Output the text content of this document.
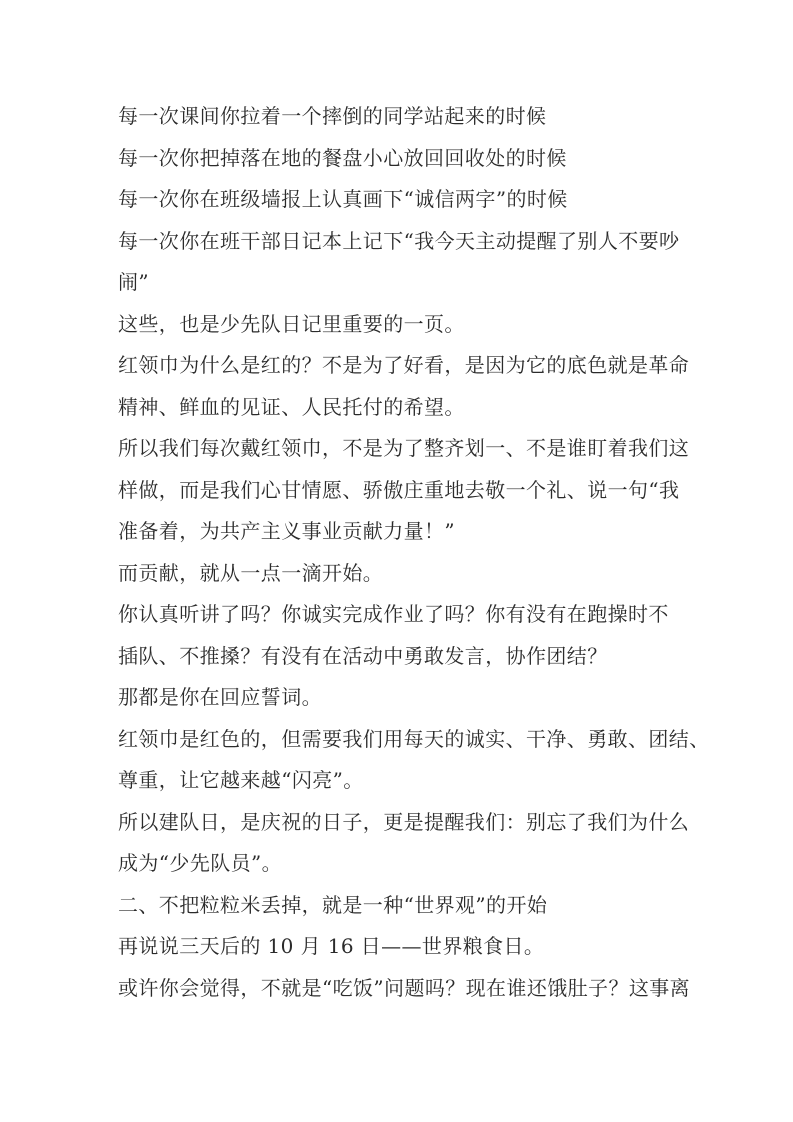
每一次课间你拉着一个摔倒的同学站起来的时候
每一次你把掉落在地的餐盘小心放回回收处的时候
每一次你在班级墙报上认真画下“诚信两字”的时候
每一次你在班干部日记本上记下“我今天主动提醒了别人不要吵
闹”
这些，也是少先队日记里重要的一页。
红领巾为什么是红的？不是为了好看，是因为它的底色就是革命
精神、鲜血的见证、人民托付的希望。
所以我们每次戴红领巾，不是为了整齐划一、不是谁盯着我们这
样做，而是我们心甘情愿、骄傲庄重地去敬一个礼、说一句“我
准备着，为共产主义事业贡献力量！”
而贡献，就从一点一滴开始。
你认真听讲了吗？你诚实完成作业了吗？你有没有在跑操时不
插队、不推搡？有没有在活动中勇敢发言，协作团结？
那都是你在回应誓词。
红领巾是红色的，但需要我们用每天的诚实、干净、勇敢、团结、
尊重，让它越来越“闪亮”。
所以建队日，是庆祝的日子，更是提醒我们：别忘了我们为什么
成为“少先队员”。
二、不把粒粒米丢掉，就是一种“世界观”的开始
再说说三天后的 10 月 16 日——世界粮食日。
或许你会觉得，不就是“吃饭”问题吗？现在谁还饿肚子？这事离
